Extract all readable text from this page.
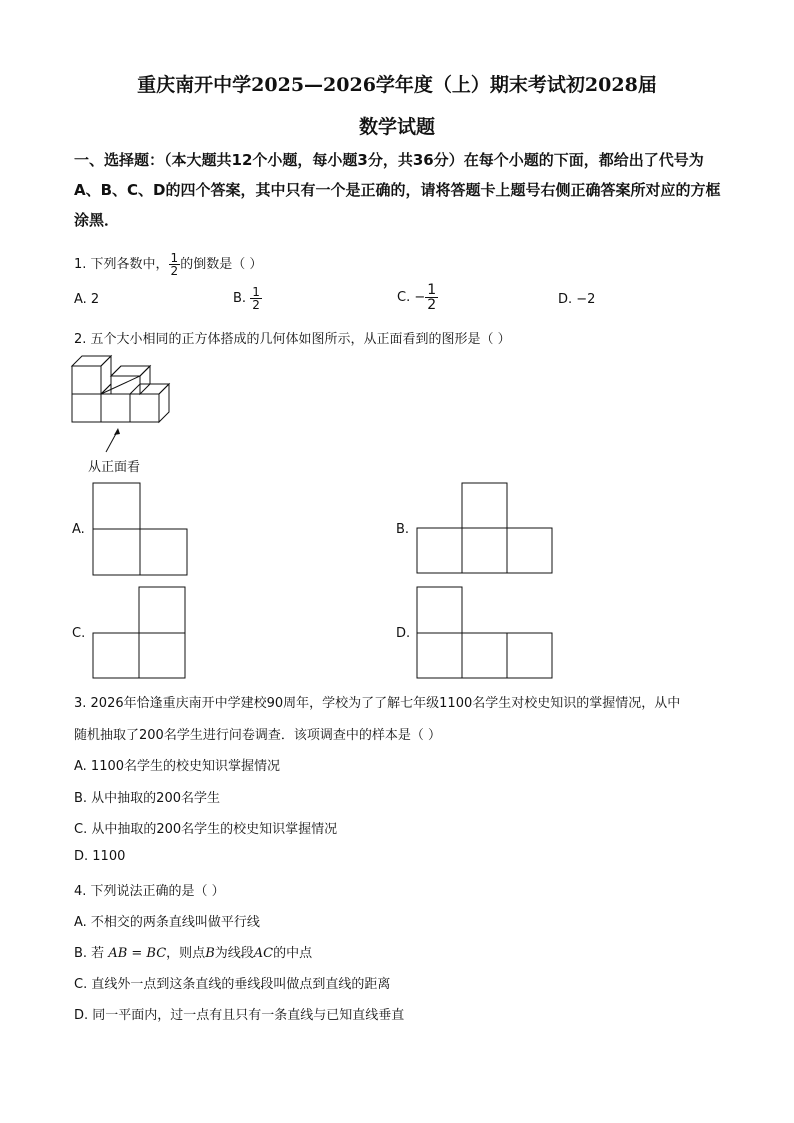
重庆南开中学2025—2026学年度（上）期末考试初2028届
数学试题
一、选择题：（本大题共12个小题，每小题3分，共36分）在每个小题的下面，都给出了代号为A、B、C、D的四个答案，其中只有一个是正确的，请将答题卡上题号右侧正确答案所对应的方框涂黑．
1. 下列各数中， $\frac{1}{2}$ 的倒数是（ ）
A. 2	B. $\frac{1}{2}$	C. − $\frac{1}{2}$	D. −2
2. 五个大小相同的正方体搭成的几何体如图所示，从正面看到的图形是（ ）
从正面看
A.	B.
C.	D.
3. 2026年恰逢重庆南开中学建校90周年，学校为了了解七年级1100名学生对校史知识的掌握情况，从中
随机抽取了200名学生进行问卷调查．该项调查中的样本是（ ）
A. 1100名学生的校史知识掌握情况
B. 从中抽取的200名学生
C. 从中抽取的200名学生的校史知识掌握情况
D. 1100
4. 下列说法正确的是（ ）
A. 不相交的两条直线叫做平行线
B. 若 AB = BC，则点B为线段AC的中点
C. 直线外一点到这条直线的垂线段叫做点到直线的距离
D. 同一平面内，过一点有且只有一条直线与已知直线垂直
